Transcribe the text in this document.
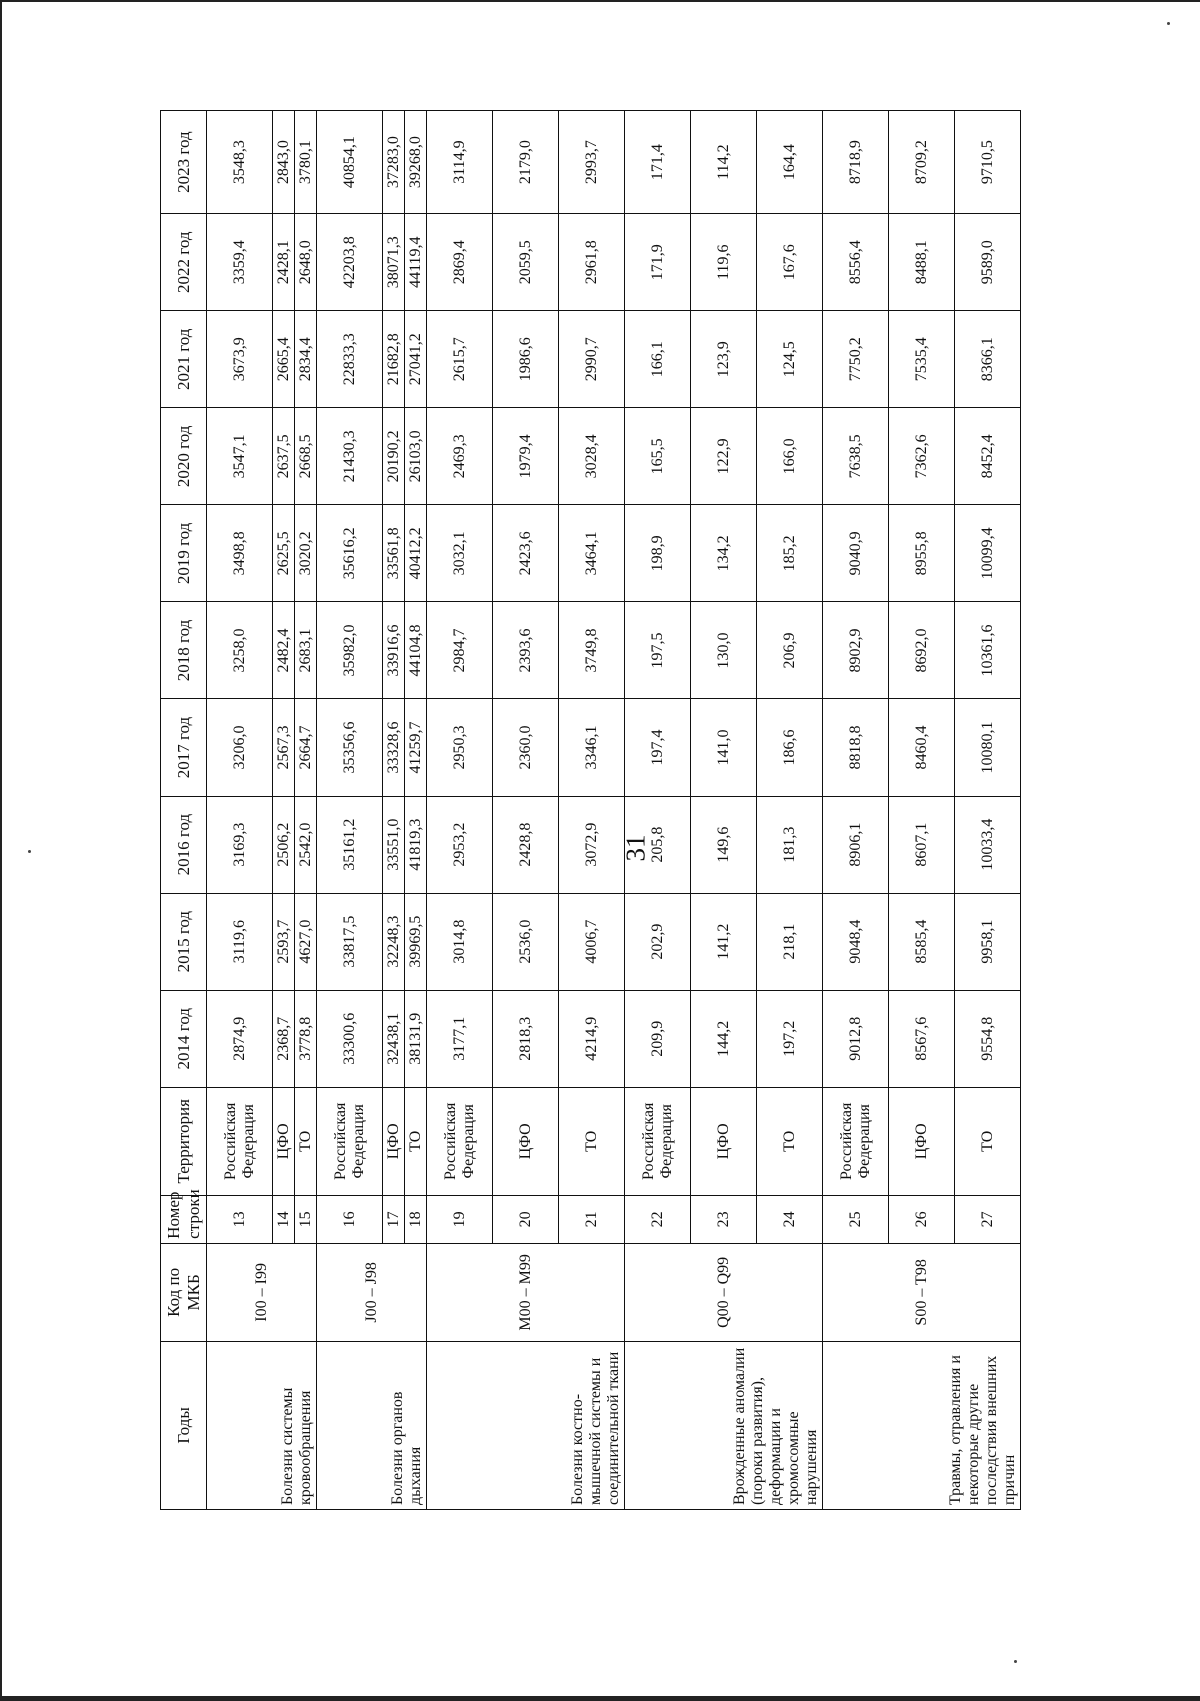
31
Годы	Код по МКБ	Номер строки	Территория	2014 год	2015 год	2016 год	2017 год	2018 год	2019 год	2020 год	2021 год	2022 год	2023 год
Болезни системы кровообращения	I00 – I99	13	Российская Федерация	2874,9	3119,6	3169,3	3206,0	3258,0	3498,8	3547,1	3673,9	3359,4	3548,3
		14	ЦФО	2368,7	2593,7	2506,2	2567,3	2482,4	2625,5	2637,5	2665,4	2428,1	2843,0
		15	ТО	3778,8	4627,0	2542,0	2664,7	2683,1	3020,2	2668,5	2834,4	2648,0	3780,1
Болезни органов дыхания	J00 – J98	16	Российская Федерация	33300,6	33817,5	35161,2	35356,6	35982,0	35616,2	21430,3	22833,3	42203,8	40854,1
		17	ЦФО	32438,1	32248,3	33551,0	33328,6	33916,6	33561,8	20190,2	21682,8	38071,3	37283,0
		18	ТО	38131,9	39969,5	41819,3	41259,7	44104,8	40412,2	26103,0	27041,2	44119,4	39268,0
Болезни костно-мышечной системы и соединительной ткани	M00 – M99	19	Российская Федерация	3177,1	3014,8	2953,2	2950,3	2984,7	3032,1	2469,3	2615,7	2869,4	3114,9
		20	ЦФО	2818,3	2536,0	2428,8	2360,0	2393,6	2423,6	1979,4	1986,6	2059,5	2179,0
		21	ТО	4214,9	4006,7	3072,9	3346,1	3749,8	3464,1	3028,4	2990,7	2961,8	2993,7
Врожденные аномалии (пороки развития), деформации и хромосомные нарушения	Q00 – Q99	22	Российская Федерация	209,9	202,9	205,8	197,4	197,5	198,9	165,5	166,1	171,9	171,4
		23	ЦФО	144,2	141,2	149,6	141,0	130,0	134,2	122,9	123,9	119,6	114,2
		24	ТО	197,2	218,1	181,3	186,6	206,9	185,2	166,0	124,5	167,6	164,4
Травмы, отравления и некоторые другие последствия внешних причин	S00 – T98	25	Российская Федерация	9012,8	9048,4	8906,1	8818,8	8902,9	9040,9	7638,5	7750,2	8556,4	8718,9
		26	ЦФО	8567,6	8585,4	8607,1	8460,4	8692,0	8955,8	7362,6	7535,4	8488,1	8709,2
		27	ТО	9554,8	9958,1	10033,4	10080,1	10361,6	10099,4	8452,4	8366,1	9589,0	9710,5
